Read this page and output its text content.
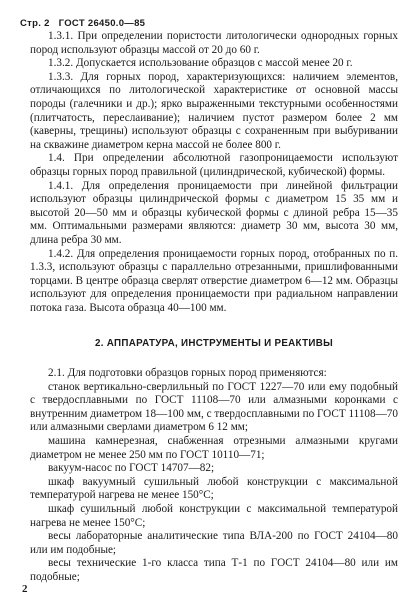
Стр. 2 ГОСТ 26450.0—85

1.3.1. При определении пористости литологически однородных горных пород используют образцы массой от 20 до 60 г.

1.3.2. Допускается использование образцов с массой менее 20 г.

1.3.3. Для горных пород, характеризующихся: наличием элементов, отличающихся по литологической характеристике от основной массы породы (галечники и др.); ярко выраженными текстурными особенностями (плитчатость, переслаивание); наличием пустот размером более 2 мм (каверны, трещины) используют образцы с сохраненным при выбуривании на скважине диаметром керна массой не более 800 г.

1.4. При определении абсолютной газопроницаемости используют образцы горных пород правильной (цилиндрической, кубической) формы.

1.4.1. Для определения проницаемости при линейной фильтрации используют образцы цилиндрической формы с диаметром 15 35 мм и высотой 20—50 мм и образцы кубической формы с длиной ребра 15—35 мм. Оптимальными размерами являются: диаметр 30 мм, высота 30 мм, длина ребра 30 мм.

1.4.2. Для определения проницаемости горных пород, отобранных по п. 1.3.3, используют образцы с параллельно отрезанными, пришлифованными торцами. В центре образца сверлят отверстие диаметром 6—12 мм. Образцы используют для определения проницаемости при радиальном направлении потока газа. Высота образца 40—100 мм.

2. АППАРАТУРА, ИНСТРУМЕНТЫ И РЕАКТИВЫ

2.1. Для подготовки образцов горных пород применяются:

станок вертикально-сверлильный по ГОСТ 1227—70 или ему подобный с твердосплавными по ГОСТ 11108—70 или алмазными коронками с внутренним диаметром 18—100 мм, с твердосплавными по ГОСТ 11108—70 или алмазными сверлами диаметром 6 12 мм;

машина камнерезная, снабженная отрезными алмазными кругами диаметром не менее 250 мм по ГОСТ 10110—71;

вакуум-насос по ГОСТ 14707—82;

шкаф вакуумный сушильный любой конструкции с максимальной температурой нагрева не менее 150°С;

шкаф сушильный любой конструкции с максимальной температурой нагрева не менее 150°С;

весы лабораторные аналитические типа ВЛА-200 по ГОСТ 24104—80 или им подобные;

весы технические 1-го класса типа Т-1 по ГОСТ 24104—80 или им подобные;

2
